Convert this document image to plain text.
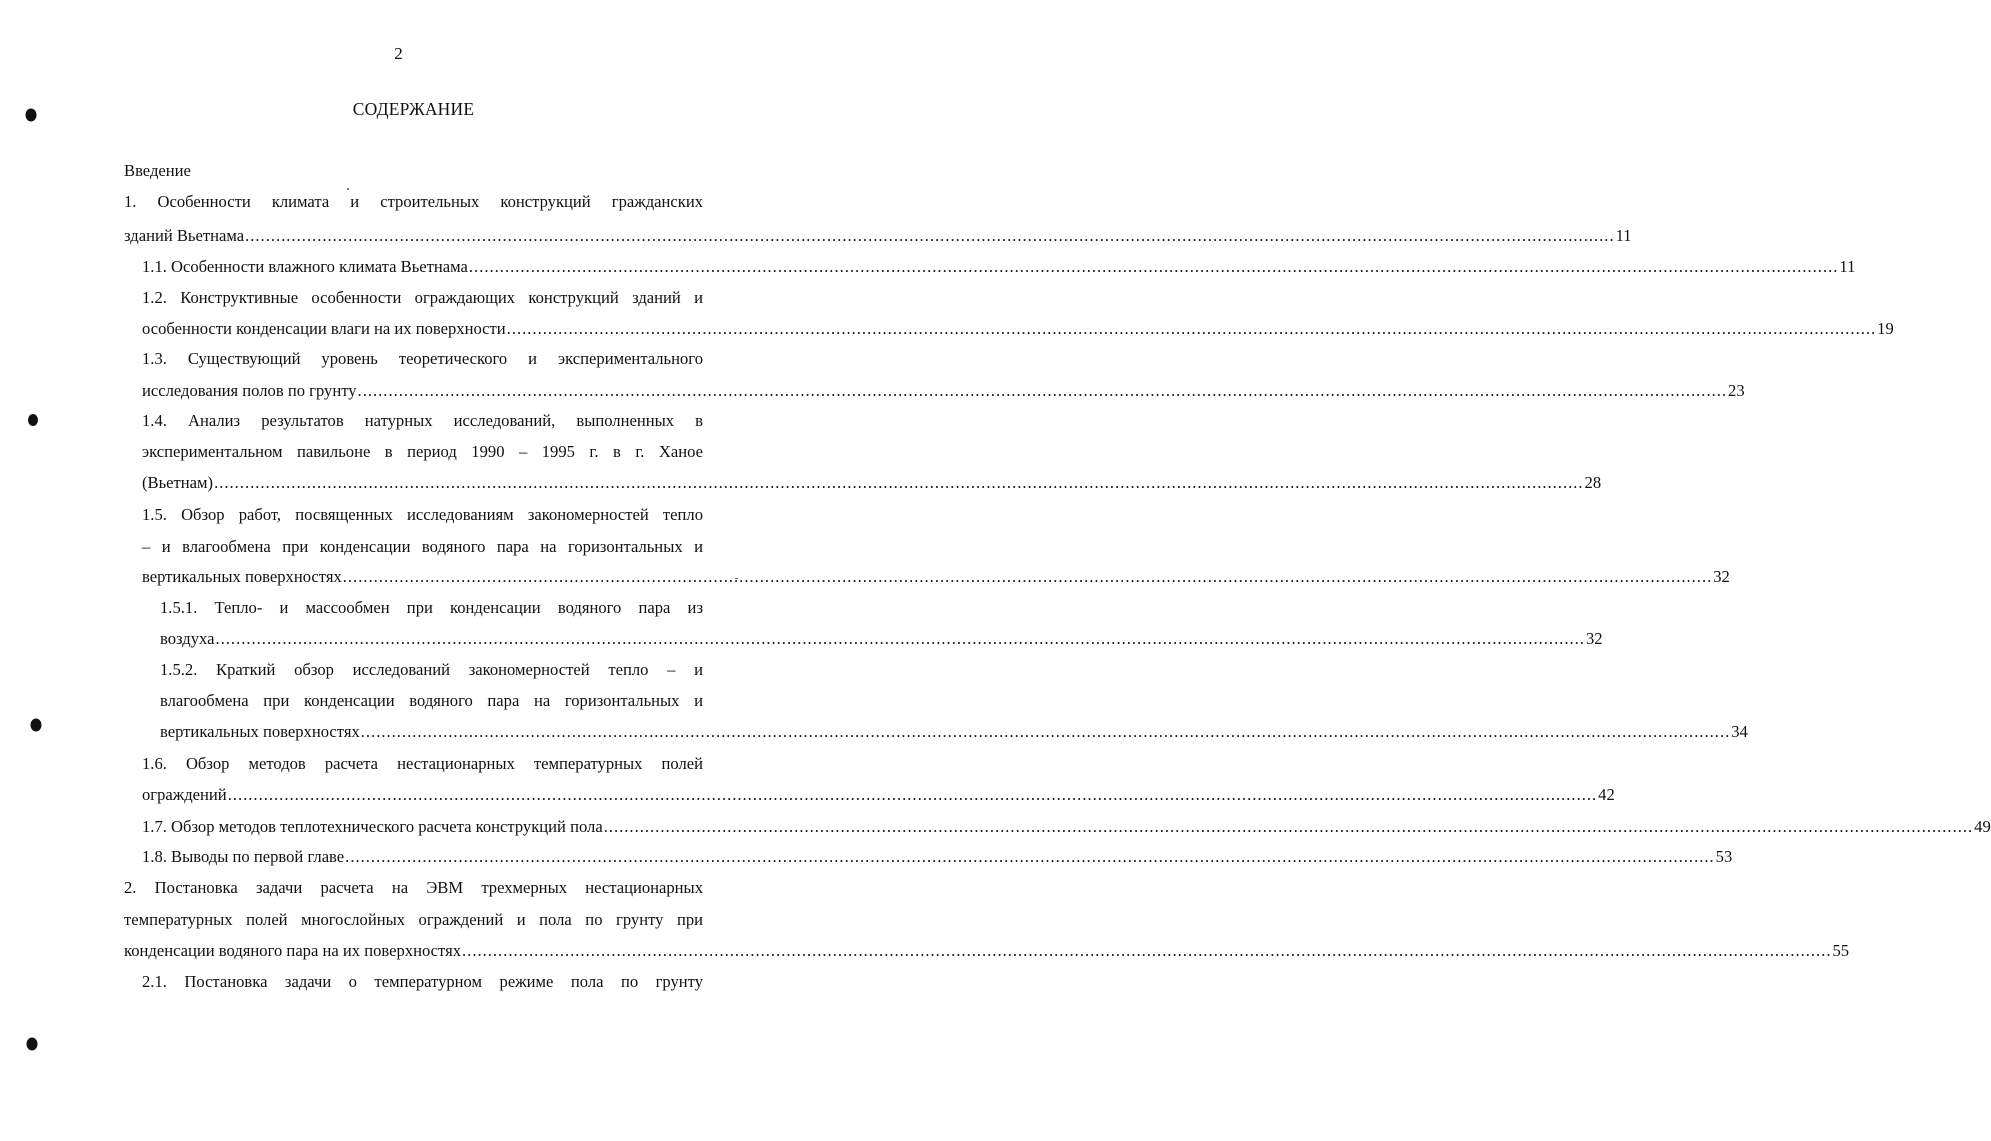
2
СОДЕРЖАНИЕ
Введение
1. Особенности климата и строительных конструкций гражданских
зданий Вьетнама .......................................................................................................................................................................................................................................................................... 11
1.1. Особенности влажного климата Вьетнама .......................................................................................................................................................................................................................................................................... 11
1.2. Конструктивные особенности ограждающих конструкций зданий и
особенности конденсации влаги на их поверхности .......................................................................................................................................................................................................................................................................... 19
1.3. Существующий уровень теоретического и экспериментального
исследования полов по грунту .......................................................................................................................................................................................................................................................................... 23
1.4. Анализ результатов натурных исследований, выполненных в
экспериментальном павильоне в период 1990 – 1995 г. в г. Ханое
(Вьетнам) .......................................................................................................................................................................................................................................................................... 28
1.5. Обзор работ, посвященных исследованиям закономерностей тепло
– и влагообмена при конденсации водяного пара на горизонтальных и
вертикальных поверхностях .......................................................................................................................................................................................................................................................................... 32
1.5.1. Тепло- и массообмен при конденсации водяного пара из
воздуха .......................................................................................................................................................................................................................................................................... 32
1.5.2. Краткий обзор исследований закономерностей тепло – и
влагообмена при конденсации водяного пара на горизонтальных и
вертикальных поверхностях .......................................................................................................................................................................................................................................................................... 34
1.6. Обзор методов расчета нестационарных температурных полей
ограждений .......................................................................................................................................................................................................................................................................... 42
1.7. Обзор методов теплотехнического расчета конструкций пола .......................................................................................................................................................................................................................................................................... 49
1.8. Выводы по первой главе .......................................................................................................................................................................................................................................................................... 53
2. Постановка задачи расчета на ЭВМ трехмерных нестационарных
температурных полей многослойных ограждений и пола по грунту при
конденсации водяного пара на их поверхностях .......................................................................................................................................................................................................................................................................... 55
2.1. Постановка задачи о температурном режиме пола по грунту
